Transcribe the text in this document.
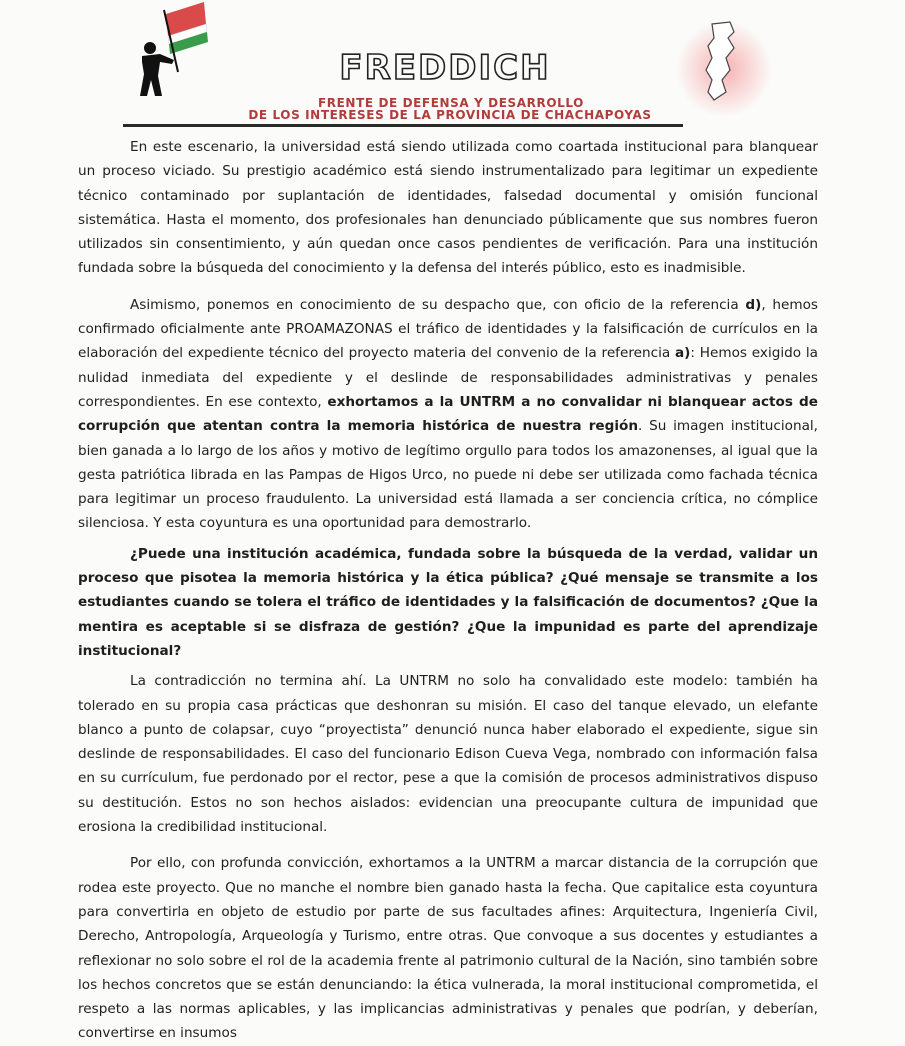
FREDDICH
FRENTE DE DEFENSA Y DESARROLLO
DE LOS INTERESES DE LA PROVINCIA DE CHACHAPOYAS

En este escenario, la universidad está siendo utilizada como coartada institucional para blanquear un proceso viciado. Su prestigio académico está siendo instrumentalizado para legitimar un expediente técnico contaminado por suplantación de identidades, falsedad documental y omisión funcional sistemática. Hasta el momento, dos profesionales han denunciado públicamente que sus nombres fueron utilizados sin consentimiento, y aún quedan once casos pendientes de verificación. Para una institución fundada sobre la búsqueda del conocimiento y la defensa del interés público, esto es inadmisible.

Asimismo, ponemos en conocimiento de su despacho que, con oficio de la referencia d), hemos confirmado oficialmente ante PROAMAZONAS el tráfico de identidades y la falsificación de currículos en la elaboración del expediente técnico del proyecto materia del convenio de la referencia a): Hemos exigido la nulidad inmediata del expediente y el deslinde de responsabilidades administrativas y penales correspondientes. En ese contexto, exhortamos a la UNTRM a no convalidar ni blanquear actos de corrupción que atentan contra la memoria histórica de nuestra región. Su imagen institucional, bien ganada a lo largo de los años y motivo de legítimo orgullo para todos los amazonenses, al igual que la gesta patriótica librada en las Pampas de Higos Urco, no puede ni debe ser utilizada como fachada técnica para legitimar un proceso fraudulento. La universidad está llamada a ser conciencia crítica, no cómplice silenciosa. Y esta coyuntura es una oportunidad para demostrarlo.

¿Puede una institución académica, fundada sobre la búsqueda de la verdad, validar un proceso que pisotea la memoria histórica y la ética pública? ¿Qué mensaje se transmite a los estudiantes cuando se tolera el tráfico de identidades y la falsificación de documentos? ¿Que la mentira es aceptable si se disfraza de gestión? ¿Que la impunidad es parte del aprendizaje institucional?

La contradicción no termina ahí. La UNTRM no solo ha convalidado este modelo: también ha tolerado en su propia casa prácticas que deshonran su misión. El caso del tanque elevado, un elefante blanco a punto de colapsar, cuyo “proyectista” denunció nunca haber elaborado el expediente, sigue sin deslinde de responsabilidades. El caso del funcionario Edison Cueva Vega, nombrado con información falsa en su currículum, fue perdonado por el rector, pese a que la comisión de procesos administrativos dispuso su destitución. Estos no son hechos aislados: evidencian una preocupante cultura de impunidad que erosiona la credibilidad institucional.

Por ello, con profunda convicción, exhortamos a la UNTRM a marcar distancia de la corrupción que rodea este proyecto. Que no manche el nombre bien ganado hasta la fecha. Que capitalice esta coyuntura para convertirla en objeto de estudio por parte de sus facultades afines: Arquitectura, Ingeniería Civil, Derecho, Antropología, Arqueología y Turismo, entre otras. Que convoque a sus docentes y estudiantes a reflexionar no solo sobre el rol de la academia frente al patrimonio cultural de la Nación, sino también sobre los hechos concretos que se están denunciando: la ética vulnerada, la moral institucional comprometida, el respeto a las normas aplicables, y las implicancias administrativas y penales que podrían, y deberían, convertirse en insumos
